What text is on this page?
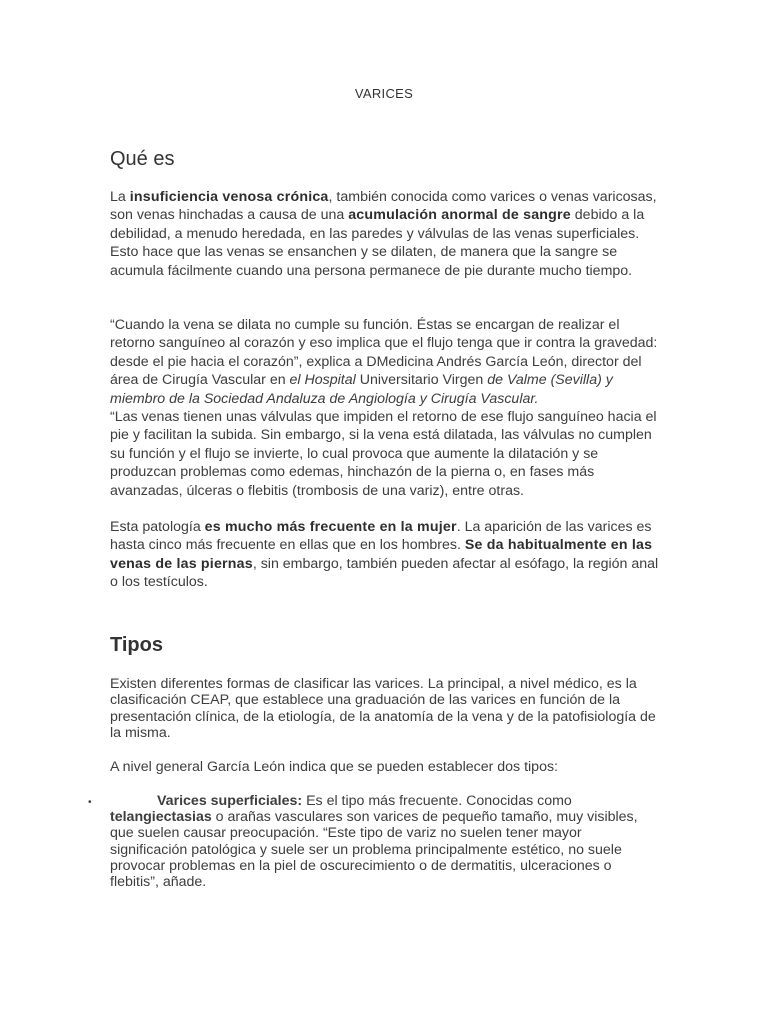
VARICES
Qué es

La insuficiencia venosa crónica, también conocida como varices o venas varicosas, son venas hinchadas a causa de una acumulación anormal de sangre debido a la debilidad, a menudo heredada, en las paredes y válvulas de las venas superficiales. Esto hace que las venas se ensanchen y se dilaten, de manera que la sangre se acumula fácilmente cuando una persona permanece de pie durante mucho tiempo.

“Cuando la vena se dilata no cumple su función. Éstas se encargan de realizar el retorno sanguíneo al corazón y eso implica que el flujo tenga que ir contra la gravedad: desde el pie hacia el corazón”, explica a DMedicina Andrés García León, director del área de Cirugía Vascular en el Hospital Universitario Virgen de Valme (Sevilla) y miembro de la Sociedad Andaluza de Angiología y Cirugía Vascular.

“Las venas tienen unas válvulas que impiden el retorno de ese flujo sanguíneo hacia el pie y facilitan la subida. Sin embargo, si la vena está dilatada, las válvulas no cumplen su función y el flujo se invierte, lo cual provoca que aumente la dilatación y se produzcan problemas como edemas, hinchazón de la pierna o, en fases más avanzadas, úlceras o flebitis (trombosis de una variz), entre otras.

Esta patología es mucho más frecuente en la mujer. La aparición de las varices es hasta cinco más frecuente en ellas que en los hombres. Se da habitualmente en las venas de las piernas, sin embargo, también pueden afectar al esófago, la región anal o los testículos.

Tipos

Existen diferentes formas de clasificar las varices. La principal, a nivel médico, es la clasificación CEAP, que establece una graduación de las varices en función de la presentación clínica, de la etiología, de la anatomía de la vena y de la patofisiología de la misma.

A nivel general García León indica que se pueden establecer dos tipos:

•	Varices superficiales: Es el tipo más frecuente. Conocidas como telangiectasias o arañas vasculares son varices de pequeño tamaño, muy visibles, que suelen causar preocupación. “Este tipo de variz no suelen tener mayor significación patológica y suele ser un problema principalmente estético, no suele provocar problemas en la piel de oscurecimiento o de dermatitis, ulceraciones o flebitis”, añade.
